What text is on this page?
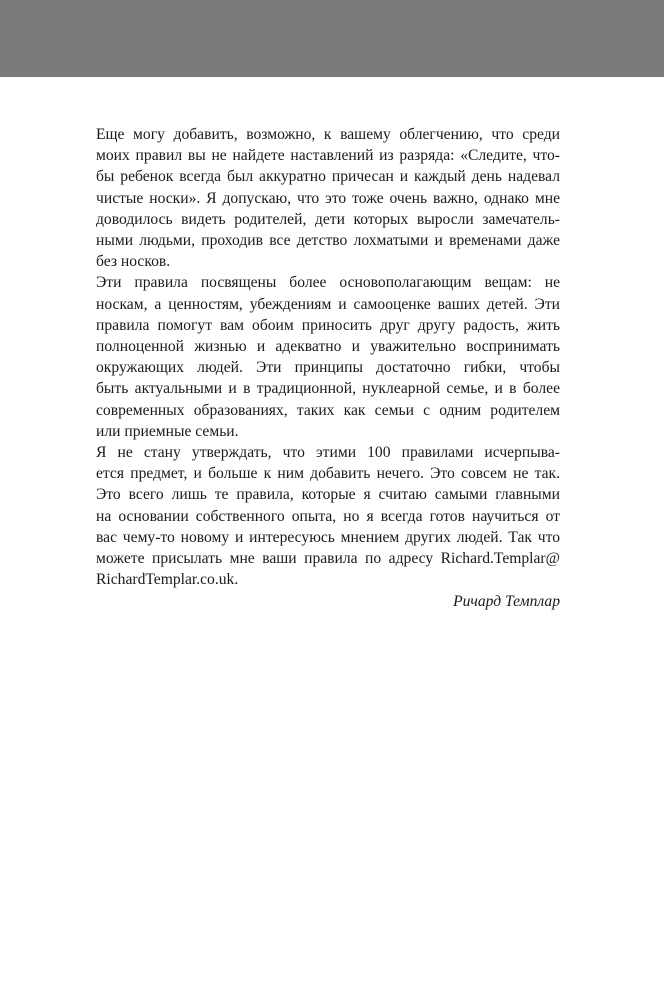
Еще могу добавить, возможно, к вашему облегчению, что среди
моих правил вы не найдете наставлений из разряда: «Следите, что-
бы ребенок всегда был аккуратно причесан и каждый день надевал
чистые носки». Я допускаю, что это тоже очень важно, однако мне
доводилось видеть родителей, дети которых выросли замечатель-
ными людьми, проходив все детство лохматыми и временами даже
без носков.

Эти правила посвящены более основополагающим вещам: не
носкам, а ценностям, убеждениям и самооценке ваших детей. Эти
правила помогут вам обоим приносить друг другу радость, жить
полноценной жизнью и адекватно и уважительно воспринимать
окружающих людей. Эти принципы достаточно гибки, чтобы
быть актуальными и в традиционной, нуклеарной семье, и в более
современных образованиях, таких как семьи с одним родителем
или приемные семьи.

Я не стану утверждать, что этими 100 правилами исчерпыва-
ется предмет, и больше к ним добавить нечего. Это совсем не так.
Это всего лишь те правила, которые я считаю самыми главными
на основании собственного опыта, но я всегда готов научиться от
вас чему-то новому и интересуюсь мнением других людей. Так что
можете присылать мне ваши правила по адресу Richard.Templar@
RichardTemplar.co.uk.

Ричард Темплар
